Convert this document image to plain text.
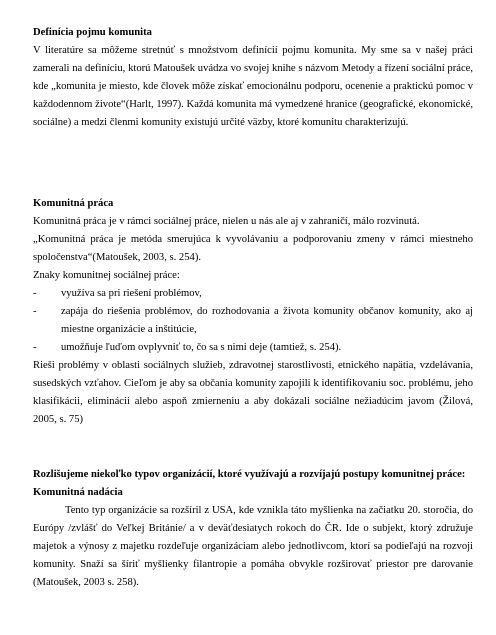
Definícia pojmu komunita

V literatúre sa môžeme stretnúť s množstvom definícií pojmu komunita. My sme sa v našej práci zamerali na definíciu, ktorú Matoušek uvádza vo svojej knihe s názvom Metody a řízení sociální práce, kde „komunita je miesto, kde človek môže získať emocionálnu podporu, ocenenie a praktickú pomoc v každodennom živote“(Harlt, 1997). Každá komunita má vymedzené hranice (geografické, ekonomické, sociálne) a medzi členmi komunity existujú určité väzby, ktoré komunitu charakterizujú.

Komunitná práca

Komunitná práca je v rámci sociálnej práce, nielen u nás ale aj v zahraničí, málo rozvinutá.

„Komunitná práca je metóda smerujúca k vyvolávaniu a podporovaniu zmeny v rámci miestneho spoločenstva“(Matoušek, 2003, s. 254).

Znaky komunitnej sociálnej práce:

- využíva sa pri riešení problémov,
-	zapája do riešenia problémov, do rozhodovania a života komunity občanov komunity, ako aj miestne organizácie a inštitúcie,
- umožňuje ľuďom ovplyvniť to, čo sa s nimi deje (tamtiež, s. 254).

Rieši problémy v oblasti sociálnych služieb, zdravotnej starostlivosti, etnického napätia, vzdelávania, susedských vzťahov. Cieľom je aby sa občania komunity zapojili k identifikovaniu soc. problému, jeho klasifikácii, eliminácii alebo aspoň zmierneniu a aby dokázali sociálne nežiadúcim javom (Žilová, 2005, s. 75)

Rozlišujeme niekoľko typov organizácií, ktoré využívajú a rozvíjajú postupy komunitnej práce:

Komunitná nadácia

Tento typ organizácie sa rozšíril z USA, kde vznikla táto myšlienka na začiatku 20. storočia, do Európy /zvlášť do Veľkej Británie/ a v deväťdesiatych rokoch do ČR. Ide o subjekt, ktorý združuje majetok a výnosy z majetku rozdeľuje organizáciam alebo jednotlivcom, ktorí sa podieľajú na rozvoji komunity. Snaží sa šíriť myšlienky filantropie a pomáha obvykle rozširovať priestor pre darovanie (Matoušek, 2003 s. 258).
